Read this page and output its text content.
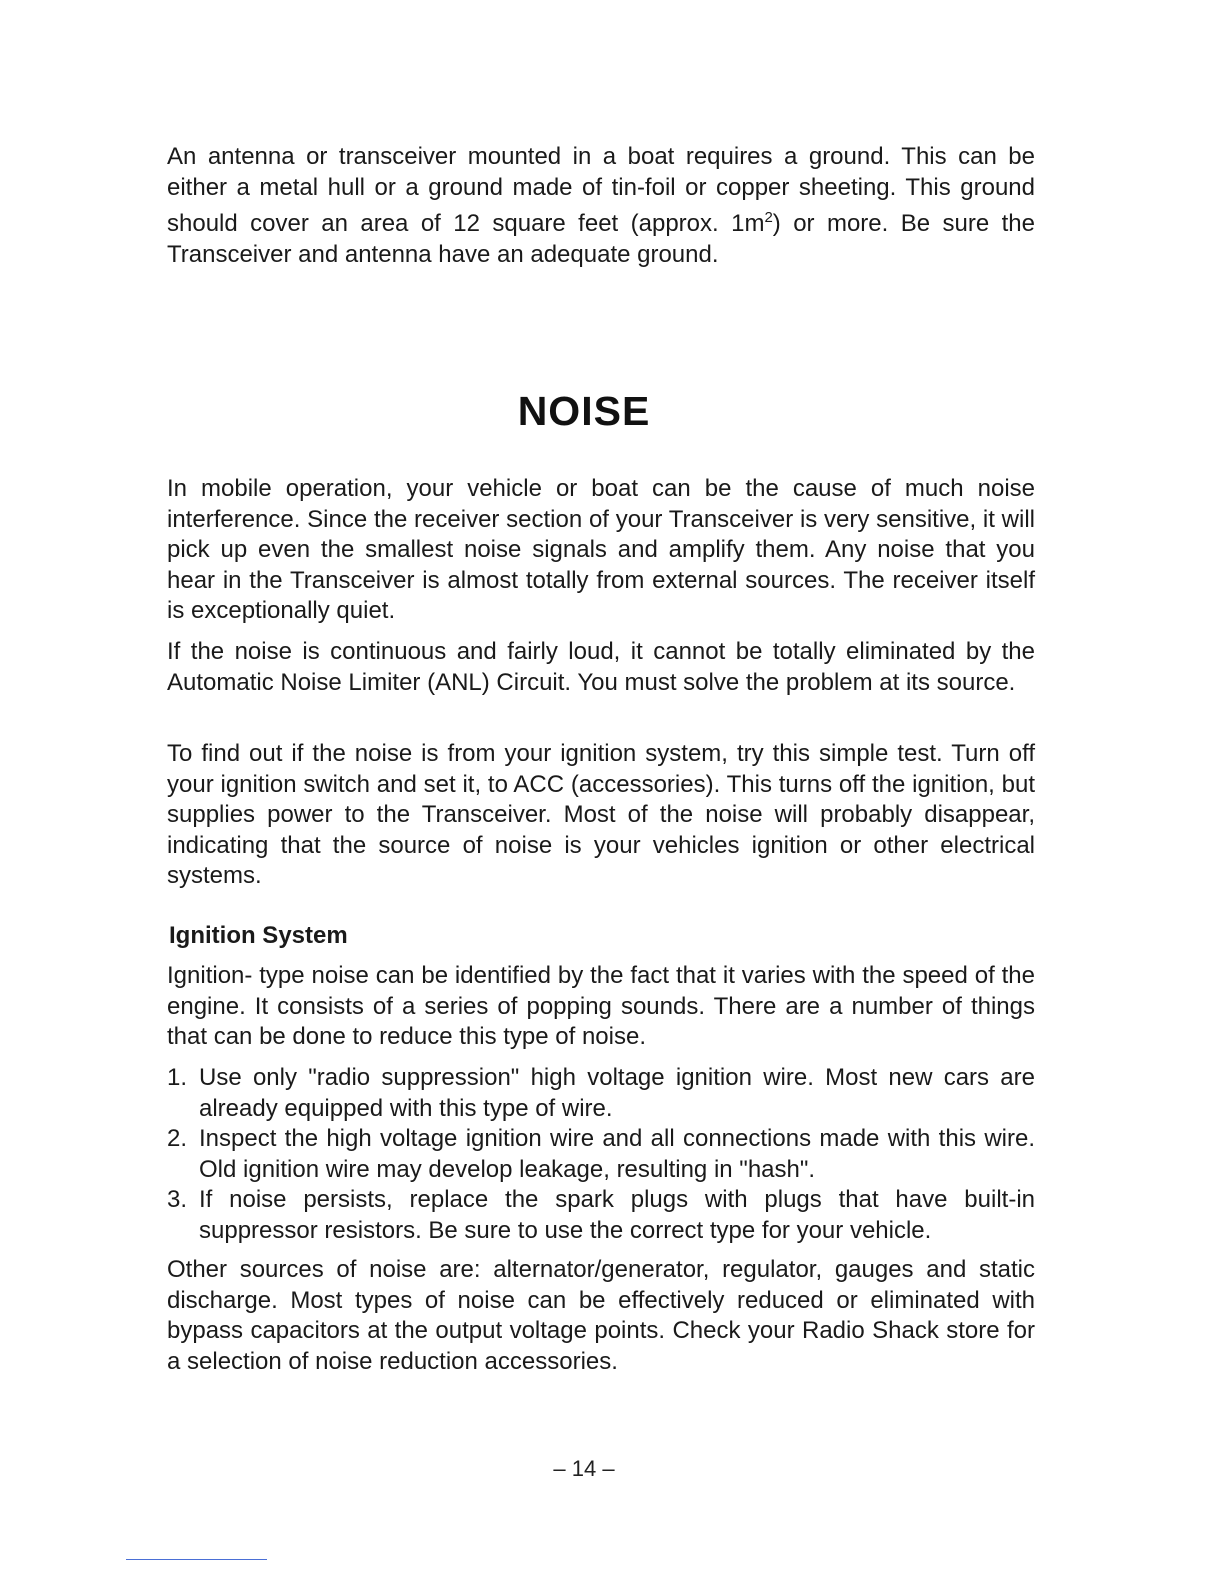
An antenna or transceiver mounted in a boat requires a ground. This can be either a metal hull or a ground made of tin-foil or copper sheeting. This ground should cover an area of 12 square feet (approx. $1m^2$) or more. Be sure the Transceiver and antenna have an adequate ground.

NOISE

In mobile operation, your vehicle or boat can be the cause of much noise interference. Since the receiver section of your Transceiver is very sensitive, it will pick up even the smallest noise signals and amplify them. Any noise that you hear in the Transceiver is almost totally from external sources. The receiver itself is exceptionally quiet.

If the noise is continuous and fairly loud, it cannot be totally eliminated by the Automatic Noise Limiter (ANL) Circuit. You must solve the problem at its source.

To find out if the noise is from your ignition system, try this simple test. Turn off your ignition switch and set it, to ACC (accessories). This turns off the ignition, but supplies power to the Transceiver. Most of the noise will probably disappear, indicating that the source of noise is your vehicles ignition or other electrical systems.

Ignition System

Ignition- type noise can be identified by the fact that it varies with the speed of the engine. It consists of a series of popping sounds. There are a number of things that can be done to reduce this type of noise.

1. Use only "radio suppression" high voltage ignition wire. Most new cars are already equipped with this type of wire.
2. Inspect the high voltage ignition wire and all connections made with this wire. Old ignition wire may develop leakage, resulting in "hash".
3. If noise persists, replace the spark plugs with plugs that have built-in suppressor resistors. Be sure to use the correct type for your vehicle.

Other sources of noise are: alternator/generator, regulator, gauges and static discharge. Most types of noise can be effectively reduced or eliminated with bypass capacitors at the output voltage points. Check your Radio Shack store for a selection of noise reduction accessories.

– 14 –
